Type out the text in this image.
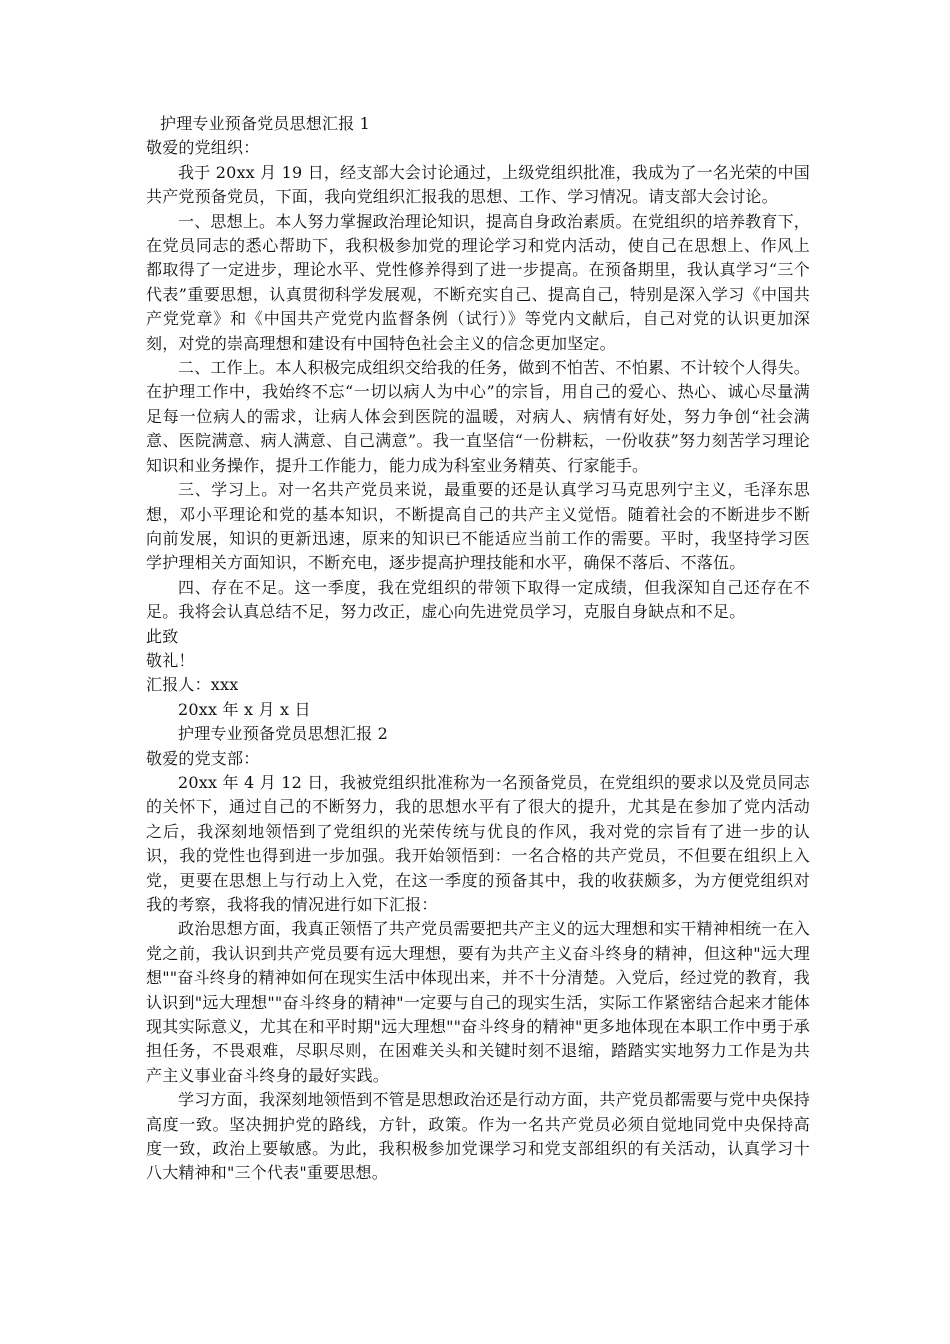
护理专业预备党员思想汇报 1

敬爱的党组织：

我于 20xx 月 19 日，经支部大会讨论通过，上级党组织批准，我成为了一名光荣的中国共产党预备党员，下面，我向党组织汇报我的思想、工作、学习情况。请支部大会讨论。

一、思想上。本人努力掌握政治理论知识，提高自身政治素质。在党组织的培养教育下，在党员同志的悉心帮助下，我积极参加党的理论学习和党内活动，使自己在思想上、作风上都取得了一定进步，理论水平、党性修养得到了进一步提高。在预备期里，我认真学习“三个代表”重要思想，认真贯彻科学发展观，不断充实自己、提高自己，特别是深入学习《中国共产党党章》和《中国共产党党内监督条例（试行）》等党内文献后，自己对党的认识更加深刻，对党的崇高理想和建设有中国特色社会主义的信念更加坚定。

二、工作上。本人积极完成组织交给我的任务，做到不怕苦、不怕累、不计较个人得失。在护理工作中，我始终不忘“一切以病人为中心”的宗旨，用自己的爱心、热心、诚心尽量满足每一位病人的需求，让病人体会到医院的温暖，对病人、病情有好处，努力争创“社会满意、医院满意、病人满意、自己满意”。我一直坚信“一份耕耘，一份收获”努力刻苦学习理论知识和业务操作，提升工作能力，能力成为科室业务精英、行家能手。

三、学习上。对一名共产党员来说，最重要的还是认真学习马克思列宁主义，毛泽东思想，邓小平理论和党的基本知识，不断提高自己的共产主义觉悟。随着社会的不断进步不断向前发展，知识的更新迅速，原来的知识已不能适应当前工作的需要。平时，我坚持学习医学护理相关方面知识，不断充电，逐步提高护理技能和水平，确保不落后、不落伍。

四、存在不足。这一季度，我在党组织的带领下取得一定成绩，但我深知自己还存在不足。我将会认真总结不足，努力改正，虚心向先进党员学习，克服自身缺点和不足。

此致

敬礼！

汇报人：xxx

20xx 年 x 月 x 日

护理专业预备党员思想汇报 2

敬爱的党支部：

20xx 年 4 月 12 日，我被党组织批准称为一名预备党员，在党组织的要求以及党员同志的关怀下，通过自己的不断努力，我的思想水平有了很大的提升，尤其是在参加了党内活动之后，我深刻地领悟到了党组织的光荣传统与优良的作风，我对党的宗旨有了进一步的认识，我的党性也得到进一步加强。我开始领悟到：一名合格的共产党员，不但要在组织上入党，更要在思想上与行动上入党，在这一季度的预备其中，我的收获颇多，为方便党组织对我的考察，我将我的情况进行如下汇报：

政治思想方面，我真正领悟了共产党员需要把共产主义的远大理想和实干精神相统一在入党之前，我认识到共产党员要有远大理想，要有为共产主义奋斗终身的精神，但这种"远大理想""奋斗终身的精神如何在现实生活中体现出来，并不十分清楚。入党后，经过党的教育，我认识到"远大理想""奋斗终身的精神"一定要与自己的现实生活，实际工作紧密结合起来才能体现其实际意义，尤其在和平时期"远大理想""奋斗终身的精神"更多地体现在本职工作中勇于承担任务，不畏艰难，尽职尽则，在困难关头和关键时刻不退缩，踏踏实实地努力工作是为共产主义事业奋斗终身的最好实践。

学习方面，我深刻地领悟到不管是思想政治还是行动方面，共产党员都需要与党中央保持高度一致。坚决拥护党的路线，方针，政策。作为一名共产党员必须自觉地同党中央保持高度一致，政治上要敏感。为此，我积极参加党课学习和党支部组织的有关活动，认真学习十八大精神和"三个代表"重要思想。
